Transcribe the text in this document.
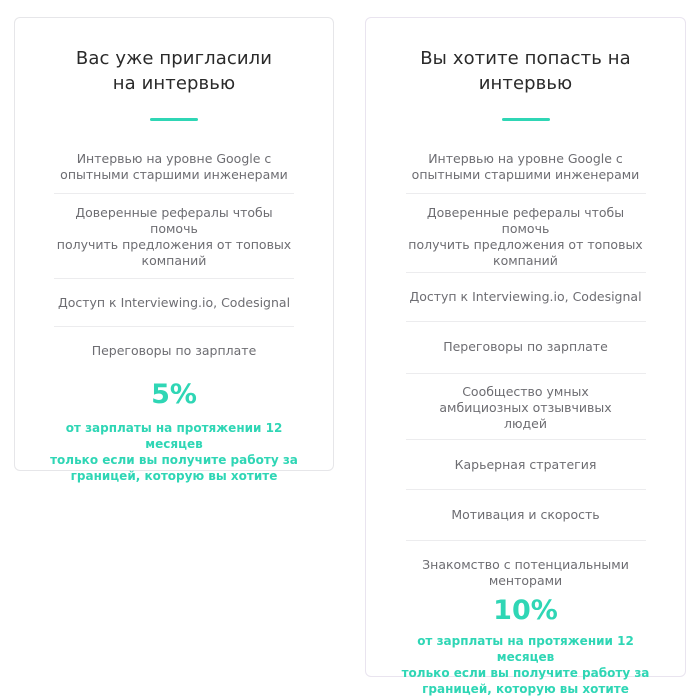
Вас уже пригласили
на интервью
Интервью на уровне Google с
опытными старшими инженерами
Доверенные рефералы чтобы помочь
получить предложения от топовых
компаний
Доступ к Interviewing.io, Codesignal
Переговоры по зарплате
5%
от зарплаты на протяжении 12 месяцев
только если вы получите работу за
границей, которую вы хотите
Вы хотите попасть на
интервью
Интервью на уровне Google с
опытными старшими инженерами
Доверенные рефералы чтобы помочь
получить предложения от топовых
компаний
Доступ к Interviewing.io, Codesignal
Переговоры по зарплате
Сообщество умных
амбициозных отзывчивых
людей
Карьерная стратегия
Мотивация и скорость
Знакомство с потенциальными
менторами
10%
от зарплаты на протяжении 12 месяцев
только если вы получите работу за
границей, которую вы хотите
